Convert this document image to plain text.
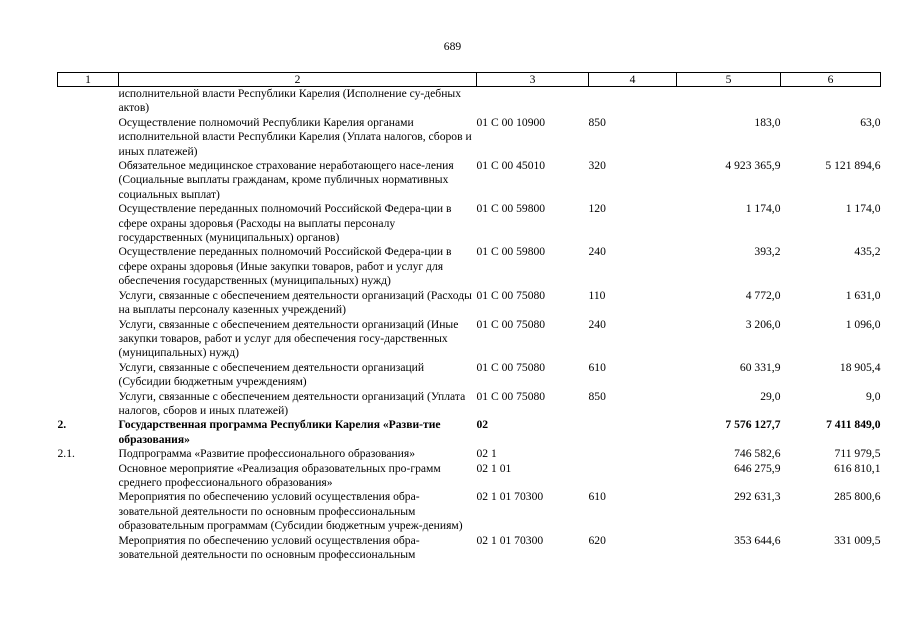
689
1	2	3	4	5	6
	исполнительной власти Республики Карелия (Исполнение су-дебных актов)				
	Осуществление полномочий Республики Карелия органами исполнительной власти Республики Карелия (Уплата налогов, сборов и иных платежей)	01 С 00 10900	850	183,0	63,0
	Обязательное медицинское страхование неработающего насе-ления (Социальные выплаты гражданам, кроме публичных нормативных социальных выплат)	01 С 00 45010	320	4 923 365,9	5 121 894,6
	Осуществление переданных полномочий Российской Федера-ции в сфере охраны здоровья (Расходы на выплаты персоналу государственных (муниципальных) органов)	01 С 00 59800	120	1 174,0	1 174,0
	Осуществление переданных полномочий Российской Федера-ции в сфере охраны здоровья (Иные закупки товаров, работ и услуг для обеспечения государственных (муниципальных) нужд)	01 С 00 59800	240	393,2	435,2
	Услуги, связанные с обеспечением деятельности организаций (Расходы на выплаты персоналу казенных учреждений)	01 С 00 75080	110	4 772,0	1 631,0
	Услуги, связанные с обеспечением деятельности организаций (Иные закупки товаров, работ и услуг для обеспечения госу-дарственных (муниципальных) нужд)	01 С 00 75080	240	3 206,0	1 096,0
	Услуги, связанные с обеспечением деятельности организаций (Субсидии бюджетным учреждениям)	01 С 00 75080	610	60 331,9	18 905,4
	Услуги, связанные с обеспечением деятельности организаций (Уплата налогов, сборов и иных платежей)	01 С 00 75080	850	29,0	9,0
2.	Государственная программа Республики Карелия «Разви-тие образования»	02		7 576 127,7	7 411 849,0
2.1.	Подпрограмма «Развитие профессионального образования»	02 1		746 582,6	711 979,5
	Основное мероприятие «Реализация образовательных про-грамм среднего профессионального образования»	02 1 01		646 275,9	616 810,1
	Мероприятия по обеспечению условий осуществления обра-зовательной деятельности по основным профессиональным образовательным программам (Субсидии бюджетным учреж-дениям)	02 1 01 70300	610	292 631,3	285 800,6
	Мероприятия по обеспечению условий осуществления обра-зовательной деятельности по основным профессиональным	02 1 01 70300	620	353 644,6	331 009,5
